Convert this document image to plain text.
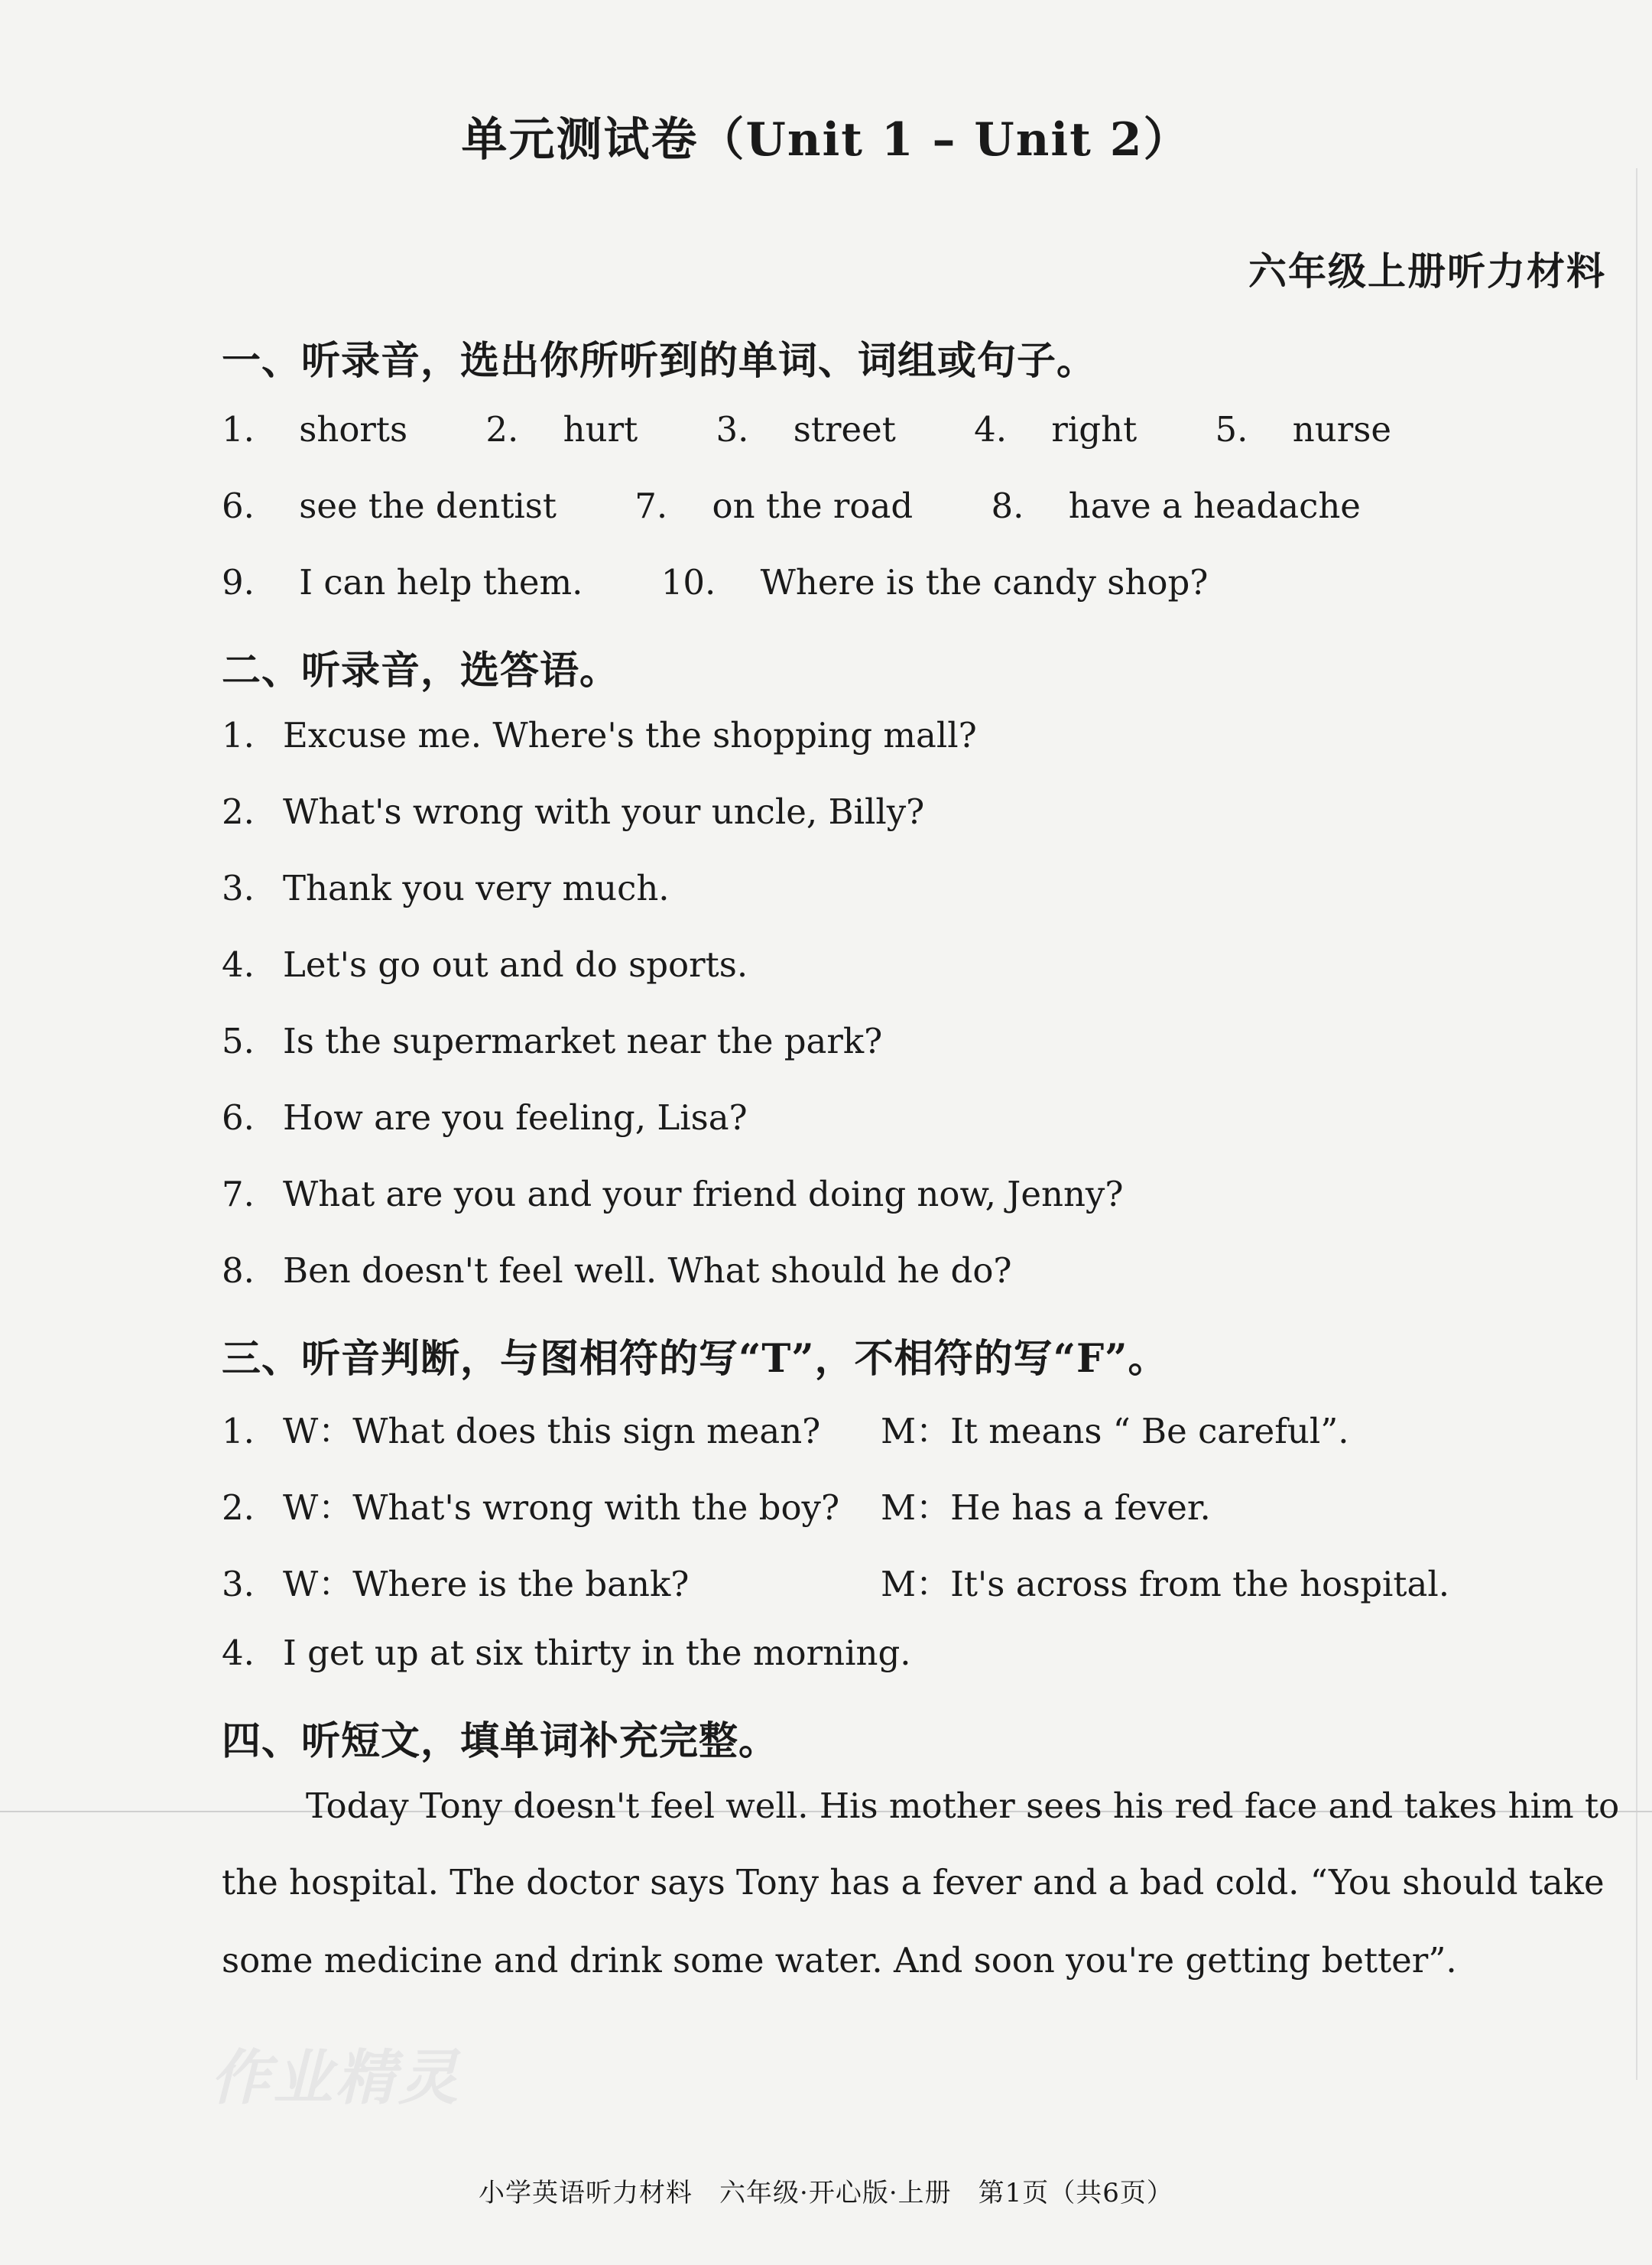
单元测试卷（Unit 1 – Unit 2）
六年级上册听力材料
一、听录音，选出你所听到的单词、词组或句子。
1. shorts 2. hurt 3. street 4. right 5. nurse
6. see the dentist 7. on the road 8. have a headache
9. I can help them. 10. Where is the candy shop?
二、听录音，选答语。
1. Excuse me. Where's the shopping mall?
2. What's wrong with your uncle, Billy?
3. Thank you very much.
4. Let's go out and do sports.
5. Is the supermarket near the park?
6. How are you feeling, Lisa?
7. What are you and your friend doing now, Jenny?
8. Ben doesn't feel well. What should he do?
三、听音判断，与图相符的写“T”，不相符的写“F”。
1. W：What does this sign mean? M：It means “ Be careful”.
2. W：What's wrong with the boy? M：He has a fever.
3. W：Where is the bank?	M：It's across from the hospital.
4. I get up at six thirty in the morning.
四、听短文，填单词补充完整。
Today Tony doesn't feel well. His mother sees his red face and takes him to
the hospital. The doctor says Tony has a fever and a bad cold. “You should take
some medicine and drink some water. And soon you're getting better”.
作业精灵
小学英语听力材料　六年级·开心版·上册　第1页（共6页）
